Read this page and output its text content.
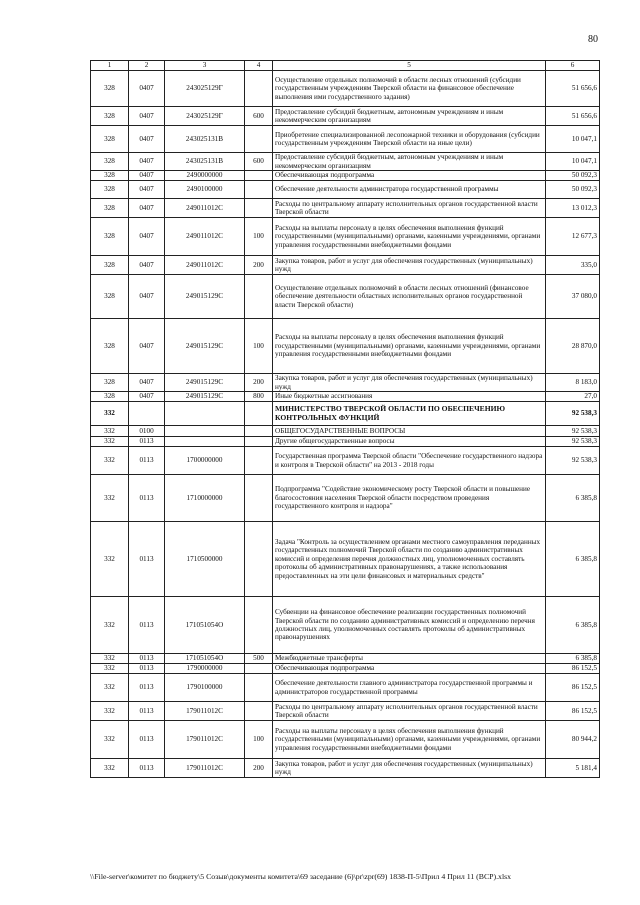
80
1	2	3	4	5	6
328	0407	243025129Г		Осуществление отдельных полномочий в области лесных отношений (субсидии государственным учреждениям Тверской области на финансовое обеспечение выполнения ими государственного задания)	51 656,6
328	0407	243025129Г	600	Предоставление субсидий бюджетным, автономным учреждениям и иным некоммерческим организациям	51 656,6
328	0407	243025131В		Приобретение специализированной лесопожарной техники и оборудования (субсидии государственным учреждениям Тверской области на иные цели)	10 047,1
328	0407	243025131В	600	Предоставление субсидий бюджетным, автономным учреждениям и иным некоммерческим организациям	10 047,1
328	0407	2490000000		Обеспечивающая подпрограмма	50 092,3
328	0407	2490100000		Обеспечение деятельности администратора государственной программы	50 092,3
328	0407	249011012С		Расходы по центральному аппарату исполнительных органов государственной власти Тверской области	13 012,3
328	0407	249011012С	100	Расходы на выплаты персоналу в целях обеспечения выполнения функций государственными (муниципальными) органами, казенными учреждениями, органами управления государственными внебюджетными фондами	12 677,3
328	0407	249011012С	200	Закупка товаров, работ и услуг для обеспечения государственных (муниципальных) нужд	335,0
328	0407	249015129С		Осуществление отдельных полномочий в области лесных отношений (финансовое обеспечение деятельности областных исполнительных органов государственной власти Тверской области)	37 080,0
328	0407	249015129С	100	Расходы на выплаты персоналу в целях обеспечения выполнения функций государственными (муниципальными) органами, казенными учреждениями, органами управления государственными внебюджетными фондами	28 870,0
328	0407	249015129С	200	Закупка товаров, работ и услуг для обеспечения государственных (муниципальных) нужд	8 183,0
328	0407	249015129С	800	Иные бюджетные ассигнования	27,0
332				МИНИСТЕРСТВО ТВЕРСКОЙ ОБЛАСТИ ПО ОБЕСПЕЧЕНИЮ КОНТРОЛЬНЫХ ФУНКЦИЙ	92 538,3
332	0100			ОБЩЕГОСУДАРСТВЕННЫЕ ВОПРОСЫ	92 538,3
332	0113			Другие общегосударственные вопросы	92 538,3
332	0113	1700000000		Государственная программа Тверской области "Обеспечение государственного надзора и контроля в Тверской области" на 2013 - 2018 годы	92 538,3
332	0113	1710000000		Подпрограмма "Содействие экономическому росту Тверской области и повышение благосостояния населения Тверской области посредством проведения государственного контроля и надзора"	6 385,8
332	0113	1710500000		Задача "Контроль за осуществлением органами местного самоуправления переданных государственных полномочий Тверской области по созданию административных комиссий и определения перечня должностных лиц, уполномоченных составлять протоколы об административных правонарушениях, а также использования предоставленных на эти цели финансовых и материальных средств"	6 385,8
332	0113	171051054О		Субвенции на финансовое обеспечение реализации государственных полномочий Тверской области по созданию административных комиссий и определению перечня должностных лиц, уполномоченных составлять протоколы об административных правонарушениях	6 385,8
332	0113	171051054О	500	Межбюджетные трансферты	6 385,8
332	0113	1790000000		Обеспечивающая подпрограмма	86 152,5
332	0113	1790100000		Обеспечение деятельности главного администратора государственной программы и администраторов государственной программы	86 152,5
332	0113	179011012С		Расходы по центральному аппарату исполнительных органов государственной власти Тверской области	86 152,5
332	0113	179011012С	100	Расходы на выплаты персоналу в целях обеспечения выполнения функций государственными (муниципальными) органами, казенными учреждениями, органами управления государственными внебюджетными фондами	80 944,2
332	0113	179011012С	200	Закупка товаров, работ и услуг для обеспечения государственных (муниципальных) нужд	5 181,4
\\File-server\комитет по бюджету\5 Созыв\документы комитета\69 заседание (6)\pr\zpr(69) 1838-П-5\Прил 4 Прил 11 (ВСР).xlsx
